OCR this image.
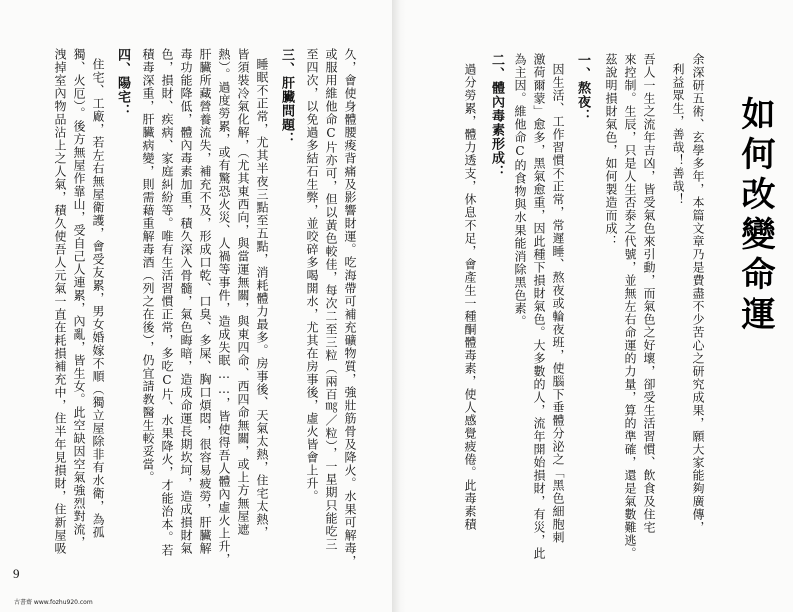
如何改變命運
余深研五術、玄學多年，本篇文章乃是費盡不少苦心之研究成果，願大家能夠廣傳，
利益眾生，善哉！善哉！
吾人一生之流年吉凶，皆受氣色來引動，而氣色之好壞，卻受生活習慣、飲食及住宅
來控制。生辰，只是人生否泰之代號，並無左右命運的力量，算的準確，還是氣數難逃。
茲說明損財氣色，如何製造而成：
一、熬夜：
因生活、工作習慣不正常，常遲睡、熬夜或輪夜班，使腦下垂體分泌之「黑色細胞刺
激荷爾蒙」愈多，黑氣愈重，因此種下損財氣色。大多數的人，流年開始損財，有災，此
為主因。維他命C的食物與水果能消除黑色素。
二、體內毒素形成：
過分勞累，體力透支，休息不足，會產生一種酮體毒素，使人感覺疲倦。此毒素積
久，會使身體腰痠背痛及影響財運。吃海帶可補充礦物質，強壯筋骨及降火。水果可解毒，
或服用維他命C片亦可，但以黃色較佳，每次二至三粒（兩百㎎／粒），一星期只能吃三
至四次，以免過多結石生弊，並咬碎多喝開水，尤其在房事後，虛火皆會上升。
三、肝臟問題：
睡眠不正常，尤其半夜三點至五點，消耗體力最多。房事後、天氣太熱，住宅太熱，
皆須裝冷氣化解，（尤其東西向，與當運無關，與東四命、西四命無關，或上方無屋遮
熱）。過度勞累，或有驚恐火災、人禍等事件，造成失眠……，皆使得吾人體內虛火上升，
肝臟所藏營養流失，補充不及，形成口乾、口臭、多屎、胸口煩悶，很容易疲勞，肝臟解
毒功能降低，體內毒素加重，積久深入骨髓，氣色晦暗，造成命運長期坎坷，造成損財氣
色，損財、疾病、家庭糾紛等。唯有生活習慣正常，多吃C片、水果降火，才能治本。若
積毒深重，肝臟病變，則需藉重解毒酒（列之在後），仍宜請教醫生較妥當。
四、陽宅：
住宅、工廠，若左右無屋衛護，會受友累，男女婚嫁不順（獨立屋除非有水衛，為孤
獨、火厄）。後方無屋作靠山，受自己人連累，內亂，皆生女。此空缺因空氣強烈對流，
洩掉室內物品沾上之人氣，積久使吾人元氣一直在耗損補充中，住半年見損財，住新屋吸
9
古書齋 www.fozhu920.com
